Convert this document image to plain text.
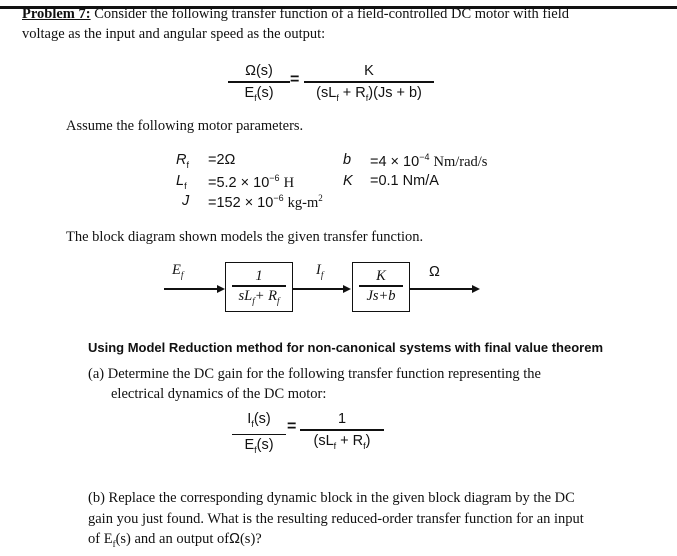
Problem 7: Consider the following transfer function of a field-controlled DC motor with field
voltage as the input and angular speed as the output:
Ω(s)
$E_f(s)$
=	K
$(sL_f + R_f)(Js + b)$
Assume the following motor parameters.
$R_f =2\Omega$
$L_f =5.2 \times 10^{-6}$ H
$J =152 \times 10^{-6}$ $kg-m^2$
$b =4 \times 10^{-4}$ Nm/rad/s
K =0.1 Nm/A
The block diagram shown models the given transfer function.
$E_f$	1
$sL_f+ R_f$
$I_f$	K
Js+b
Ω
Using Model Reduction method for non-canonical systems with final value theorem
(a) Determine the DC gain for the following transfer function representing the
electrical dynamics of the DC motor:
$I_f(s)$
$E_f(s)$
=	1
$(sL_f + R_f)$
(b) Replace the corresponding dynamic block in the given block diagram by the DC
gain you just found. What is the resulting reduced-order transfer function for an input
of $E_f(s)$ and an output ofΩ(s)?
